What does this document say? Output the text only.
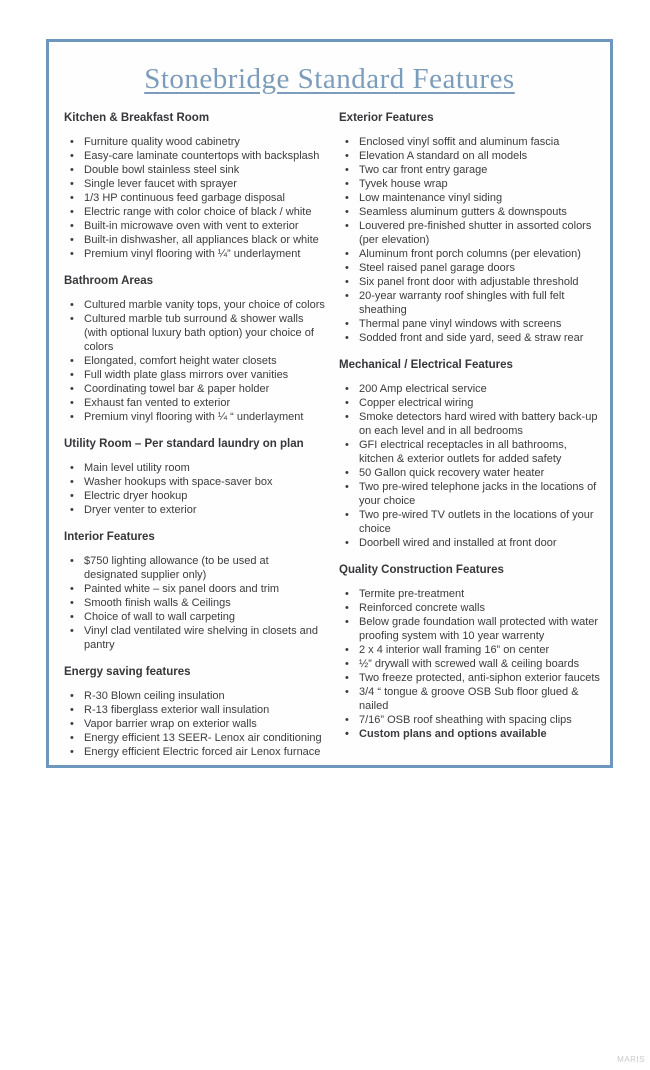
Stonebridge Standard Features
Kitchen & Breakfast Room
• Furniture quality wood cabinetry
• Easy-care laminate countertops with backsplash
• Double bowl stainless steel sink
• Single lever faucet with sprayer
• 1/3 HP continuous feed garbage disposal
• Electric range with color choice of black / white
• Built-in microwave oven with vent to exterior
• Built-in dishwasher, all appliances black or white
• Premium vinyl flooring with ¼” underlayment
Bathroom Areas
• Cultured marble vanity tops, your choice of colors
• Cultured marble tub surround & shower walls (with optional luxury bath option) your choice of colors
• Elongated, comfort height water closets
• Full width plate glass mirrors over vanities
• Coordinating towel bar & paper holder
• Exhaust fan vented to exterior
• Premium vinyl flooring with ¼ “ underlayment
Utility Room – Per standard laundry on plan
• Main level utility room
• Washer hookups with space-saver box
• Electric dryer hookup
• Dryer venter to exterior
Interior Features
• $750 lighting allowance (to be used at designated supplier only)
• Painted white – six panel doors and trim
• Smooth finish walls & Ceilings
• Choice of wall to wall carpeting
• Vinyl clad ventilated wire shelving in closets and pantry
Energy saving features
• R-30 Blown ceiling insulation
• R-13 fiberglass exterior wall insulation
• Vapor barrier wrap on exterior walls
• Energy efficient 13 SEER- Lenox air conditioning
• Energy efficient Electric forced air Lenox furnace
Exterior Features
• Enclosed vinyl soffit and aluminum fascia
• Elevation A standard on all models
• Two car front entry garage
• Tyvek house wrap
• Low maintenance vinyl siding
• Seamless aluminum gutters & downspouts
• Louvered pre-finished shutter in assorted colors (per elevation)
• Aluminum front porch columns (per elevation)
• Steel raised panel garage doors
• Six panel front door with adjustable threshold
• 20-year warranty roof shingles with full felt sheathing
• Thermal pane vinyl windows with screens
• Sodded front and side yard, seed & straw rear
Mechanical / Electrical Features
• 200 Amp electrical service
• Copper electrical wiring
• Smoke detectors hard wired with battery back-up on each level and in all bedrooms
• GFI electrical receptacles in all bathrooms, kitchen & exterior outlets for added safety
• 50 Gallon quick recovery water heater
• Two pre-wired telephone jacks in the locations of your choice
• Two pre-wired TV outlets in the locations of your choice
• Doorbell wired and installed at front door
Quality Construction Features
• Termite pre-treatment
• Reinforced concrete walls
• Below grade foundation wall protected with water proofing system with 10 year warrenty
• 2 x 4 interior wall framing 16” on center
• ½” drywall with screwed wall & ceiling boards
• Two freeze protected, anti-siphon exterior faucets
• 3/4 “ tongue & groove OSB Sub floor glued & nailed
• 7/16” OSB roof sheathing with spacing clips
• Custom plans and options available
MARIS
